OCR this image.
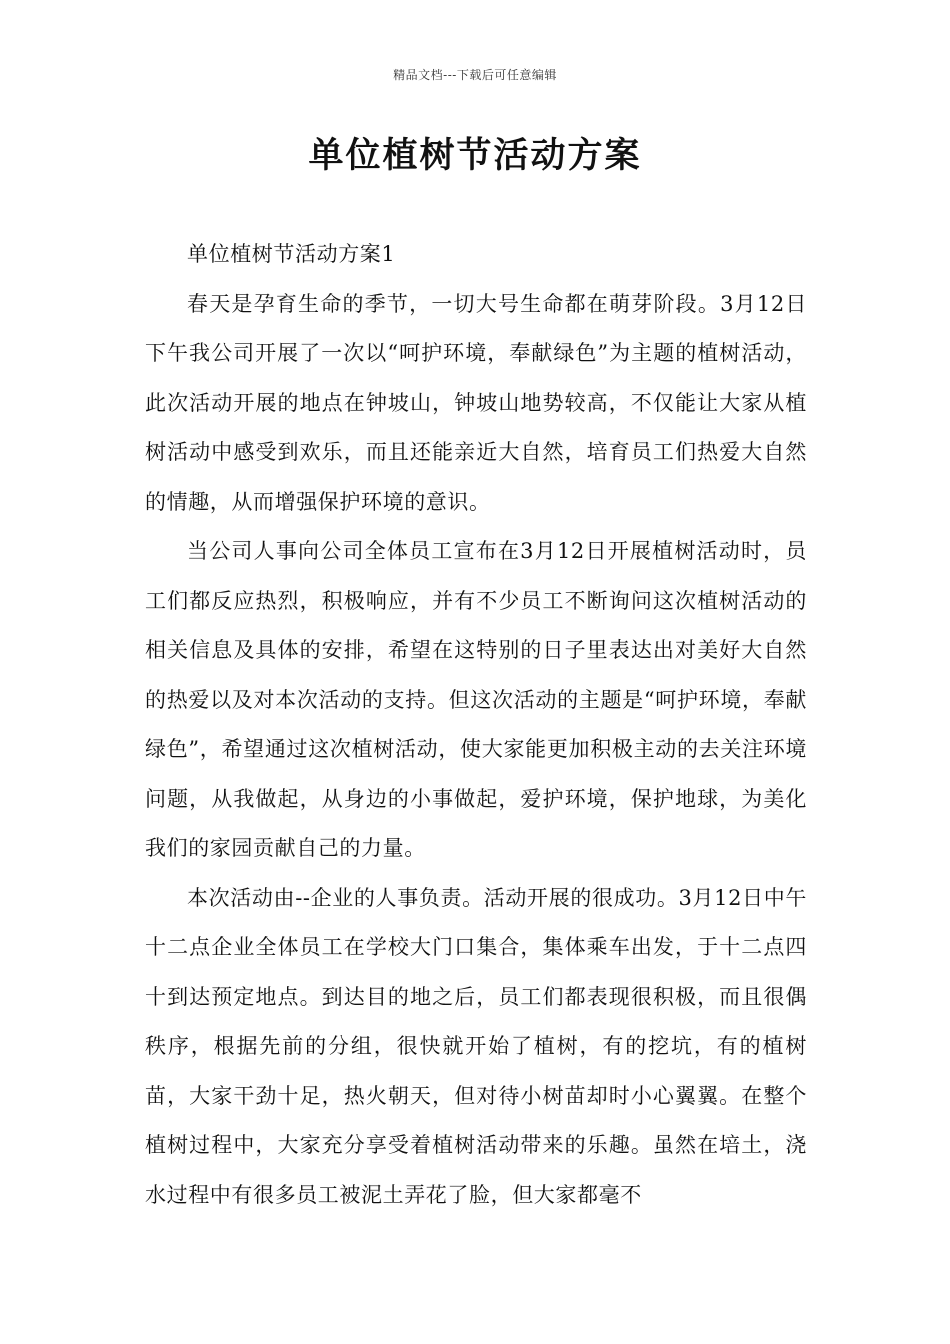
精品文档---下载后可任意编辑
单位植树节活动方案

单位植树节活动方案1

春天是孕育生命的季节，一切大号生命都在萌芽阶段。3月12日下午我公司开展了一次以“呵护环境，奉献绿色”为主题的植树活动，此次活动开展的地点在钟坡山，钟坡山地势较高，不仅能让大家从植树活动中感受到欢乐，而且还能亲近大自然，培育员工们热爱大自然的情趣，从而增强保护环境的意识。

当公司人事向公司全体员工宣布在3月12日开展植树活动时，员工们都反应热烈，积极响应，并有不少员工不断询问这次植树活动的相关信息及具体的安排，希望在这特别的日子里表达出对美好大自然的热爱以及对本次活动的支持。但这次活动的主题是“呵护环境，奉献绿色”，希望通过这次植树活动，使大家能更加积极主动的去关注环境问题，从我做起，从身边的小事做起，爱护环境，保护地球，为美化我们的家园贡献自己的力量。

本次活动由--企业的人事负责。活动开展的很成功。3月12日中午十二点企业全体员工在学校大门口集合，集体乘车出发，于十二点四十到达预定地点。到达目的地之后，员工们都表现很积极，而且很偶秩序，根据先前的分组，很快就开始了植树，有的挖坑，有的植树苗，大家干劲十足，热火朝天，但对待小树苗却时小心翼翼。在整个植树过程中，大家充分享受着植树活动带来的乐趣。虽然在培土，浇水过程中有很多员工被泥土弄花了脸，但大家都毫不
